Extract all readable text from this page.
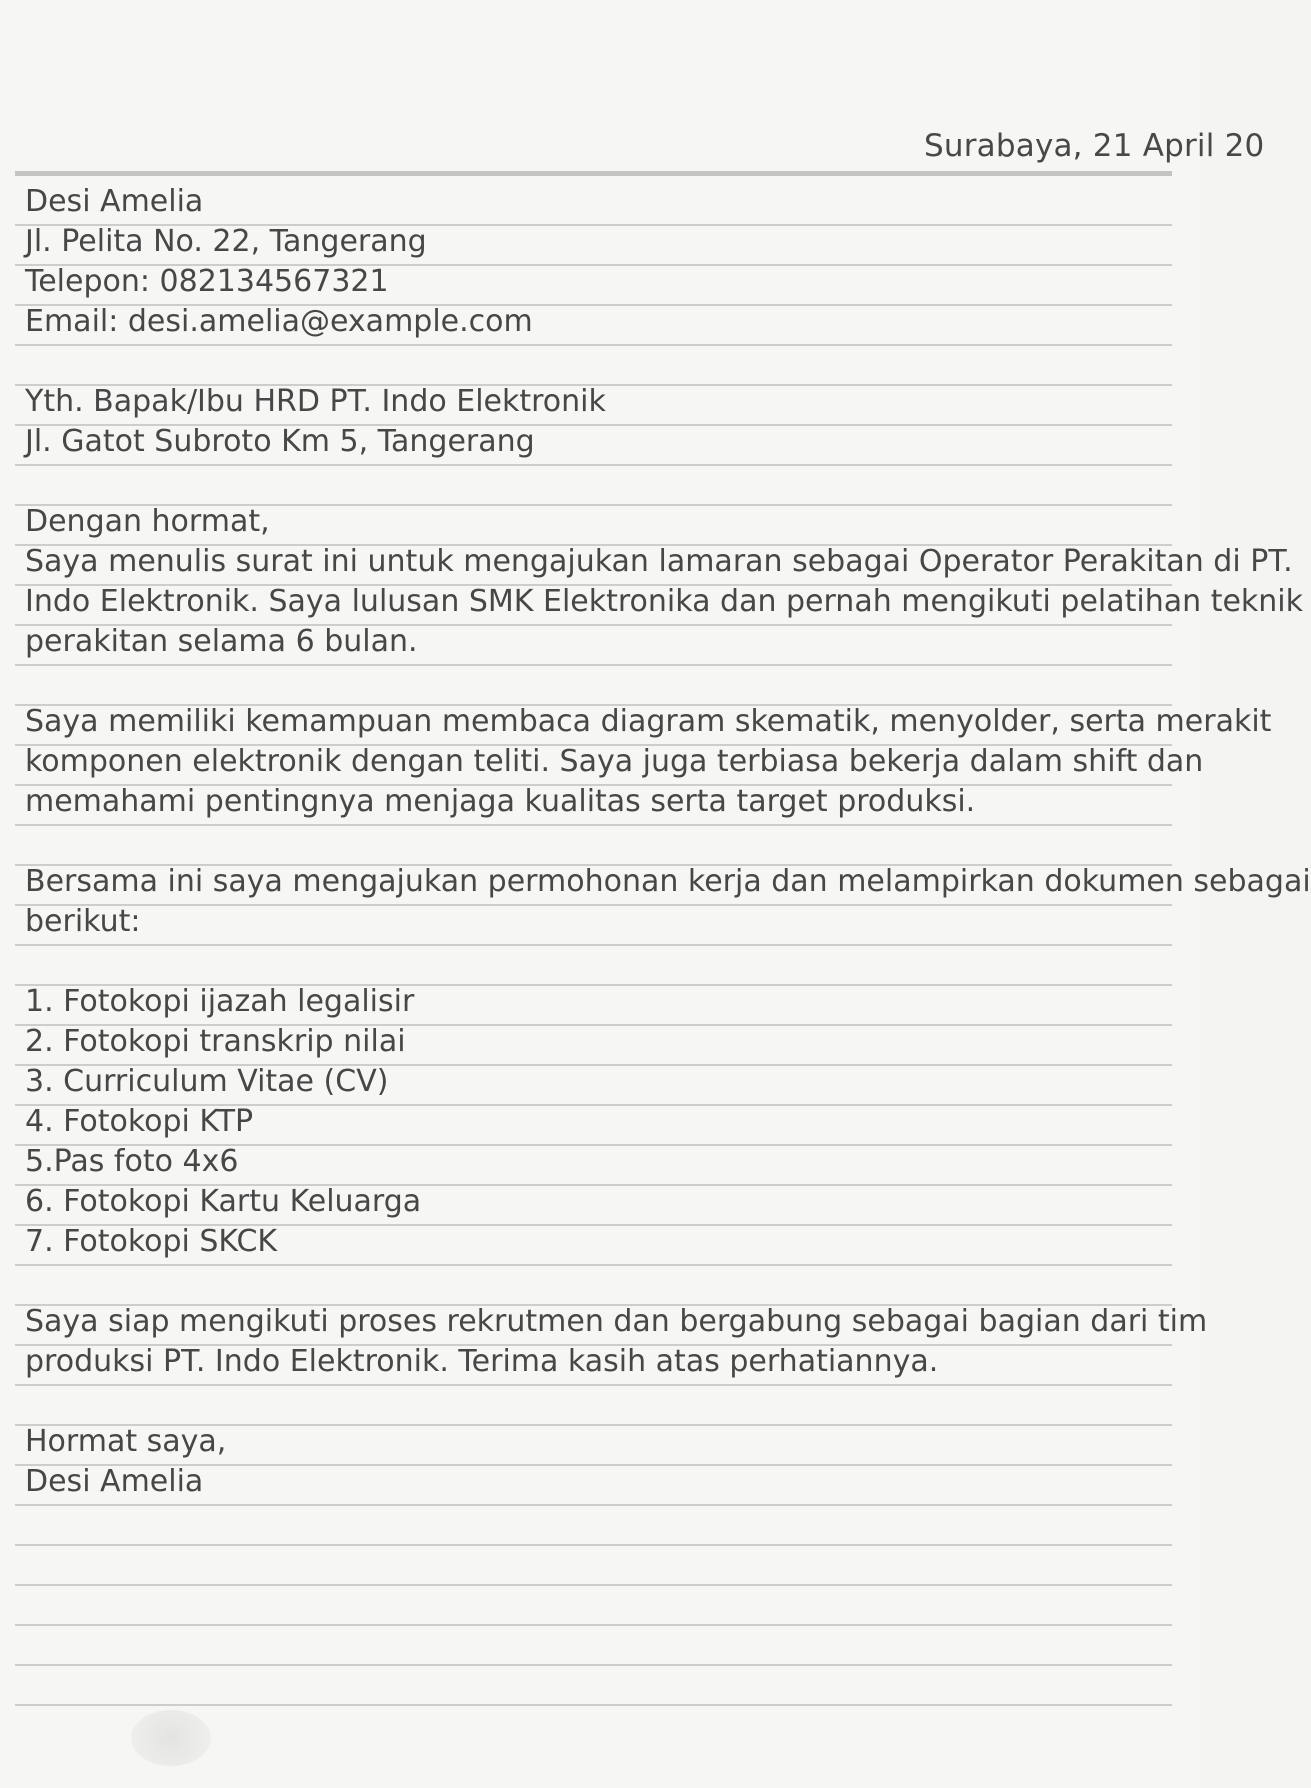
Surabaya, 21 April 20
Desi Amelia
Jl. Pelita No. 22, Tangerang
Telepon: 082134567321
Email: desi.amelia@example.com
Yth. Bapak/Ibu HRD PT. Indo Elektronik
Jl. Gatot Subroto Km 5, Tangerang
Dengan hormat,
Saya menulis surat ini untuk mengajukan lamaran sebagai Operator Perakitan di PT.
Indo Elektronik. Saya lulusan SMK Elektronika dan pernah mengikuti pelatihan teknik
perakitan selama 6 bulan.
Saya memiliki kemampuan membaca diagram skematik, menyolder, serta merakit
komponen elektronik dengan teliti. Saya juga terbiasa bekerja dalam shift dan
memahami pentingnya menjaga kualitas serta target produksi.
Bersama ini saya mengajukan permohonan kerja dan melampirkan dokumen sebagai
berikut:
1. Fotokopi ijazah legalisir
2. Fotokopi transkrip nilai
3. Curriculum Vitae (CV)
4. Fotokopi KTP
5.Pas foto 4x6
6. Fotokopi Kartu Keluarga
7. Fotokopi SKCK
Saya siap mengikuti proses rekrutmen dan bergabung sebagai bagian dari tim
produksi PT. Indo Elektronik. Terima kasih atas perhatiannya.
Hormat saya,
Desi Amelia
